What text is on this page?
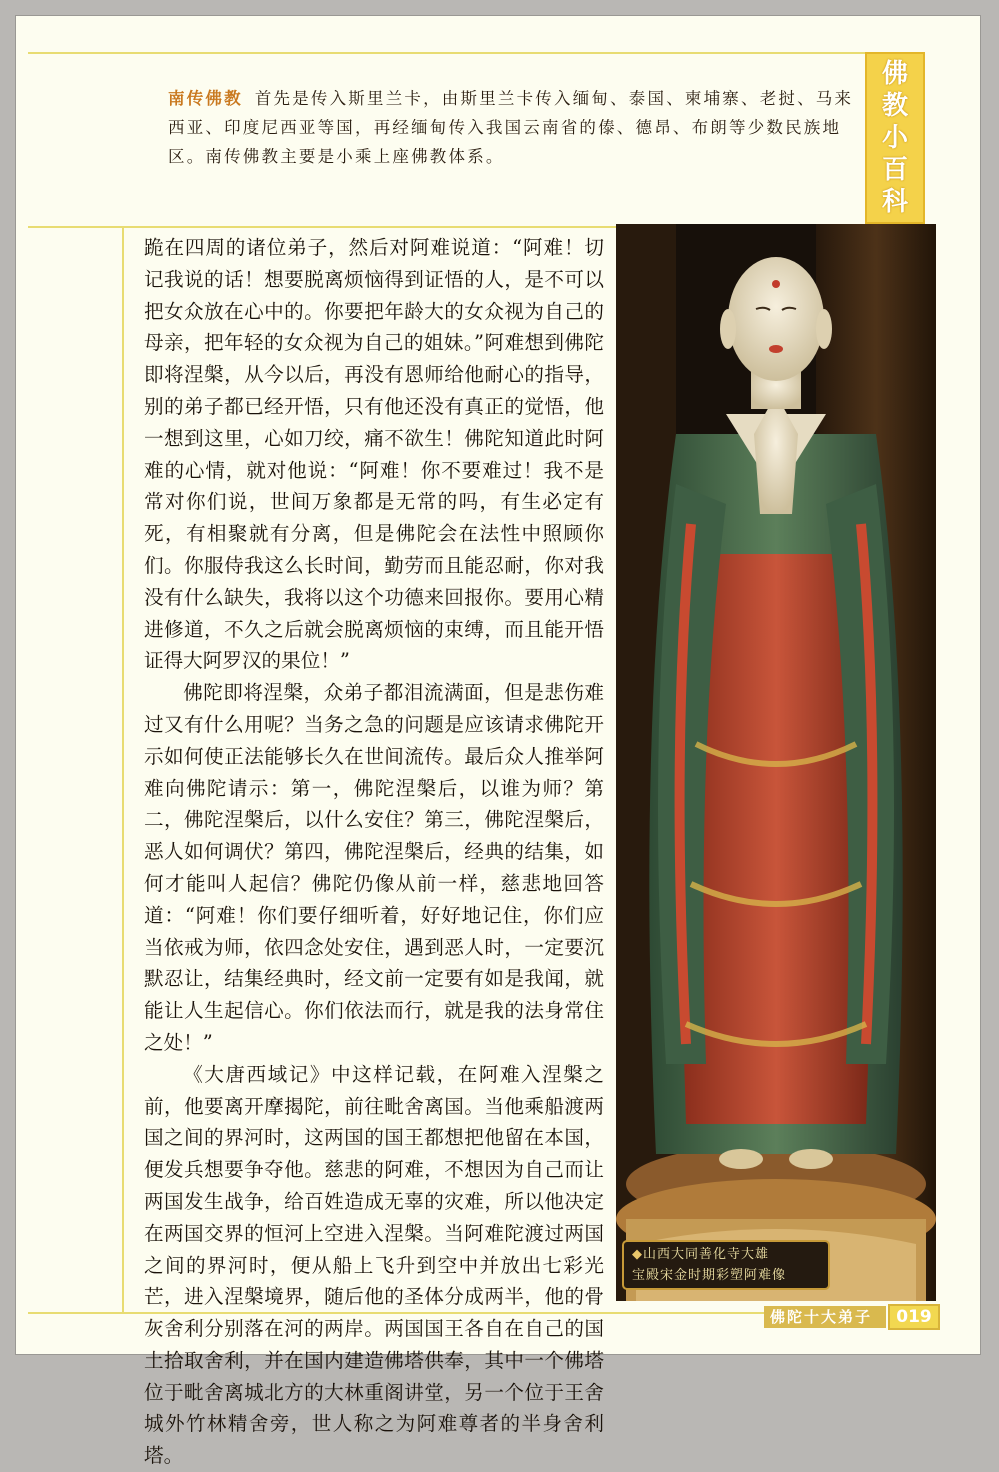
南传佛教 首先是传入斯里兰卡，由斯里兰卡传入缅甸、泰国、柬埔寨、老挝、马来西亚、印度尼西亚等国，再经缅甸传入我国云南省的傣、德昂、布朗等少数民族地区。南传佛教主要是小乘上座佛教体系。
佛
教
小
百
科

跪在四周的诸位弟子，然后对阿难说道：“阿难！切记我说的话！想要脱离烦恼得到证悟的人，是不可以把女众放在心中的。你要把年龄大的女众视为自己的母亲，把年轻的女众视为自己的姐妹。”阿难想到佛陀即将涅槃，从今以后，再没有恩师给他耐心的指导，别的弟子都已经开悟，只有他还没有真正的觉悟，他一想到这里，心如刀绞，痛不欲生！佛陀知道此时阿难的心情，就对他说：“阿难！你不要难过！我不是常对你们说，世间万象都是无常的吗，有生必定有死，有相聚就有分离，但是佛陀会在法性中照顾你们。你服侍我这么长时间，勤劳而且能忍耐，你对我没有什么缺失，我将以这个功德来回报你。要用心精进修道，不久之后就会脱离烦恼的束缚，而且能开悟证得大阿罗汉的果位！”

佛陀即将涅槃，众弟子都泪流满面，但是悲伤难过又有什么用呢？当务之急的问题是应该请求佛陀开示如何使正法能够长久在世间流传。最后众人推举阿难向佛陀请示：第一，佛陀涅槃后，以谁为师？第二，佛陀涅槃后，以什么安住？第三，佛陀涅槃后，恶人如何调伏？第四，佛陀涅槃后，经典的结集，如何才能叫人起信？佛陀仍像从前一样，慈悲地回答道：“阿难！你们要仔细听着，好好地记住，你们应当依戒为师，依四念处安住，遇到恶人时，一定要沉默忍让，结集经典时，经文前一定要有如是我闻，就能让人生起信心。你们依法而行，就是我的法身常住之处！”

《大唐西域记》中这样记载，在阿难入涅槃之前，他要离开摩揭陀，前往毗舍离国。当他乘船渡两国之间的界河时，这两国的国王都想把他留在本国，便发兵想要争夺他。慈悲的阿难，不想因为自己而让两国发生战争，给百姓造成无辜的灾难，所以他决定在两国交界的恒河上空进入涅槃。当阿难陀渡过两国之间的界河时，便从船上飞升到空中并放出七彩光芒，进入涅槃境界，随后他的圣体分成两半，他的骨灰舍利分别落在河的两岸。两国国王各自在自己的国土拾取舍利，并在国内建造佛塔供奉，其中一个佛塔位于毗舍离城北方的大林重阁讲堂，另一个位于王舍城外竹林精舍旁，世人称之为阿难尊者的半身舍利塔。

◆山西大同善化寺大雄
宝殿宋金时期彩塑阿难像
佛陀十大弟子	019
